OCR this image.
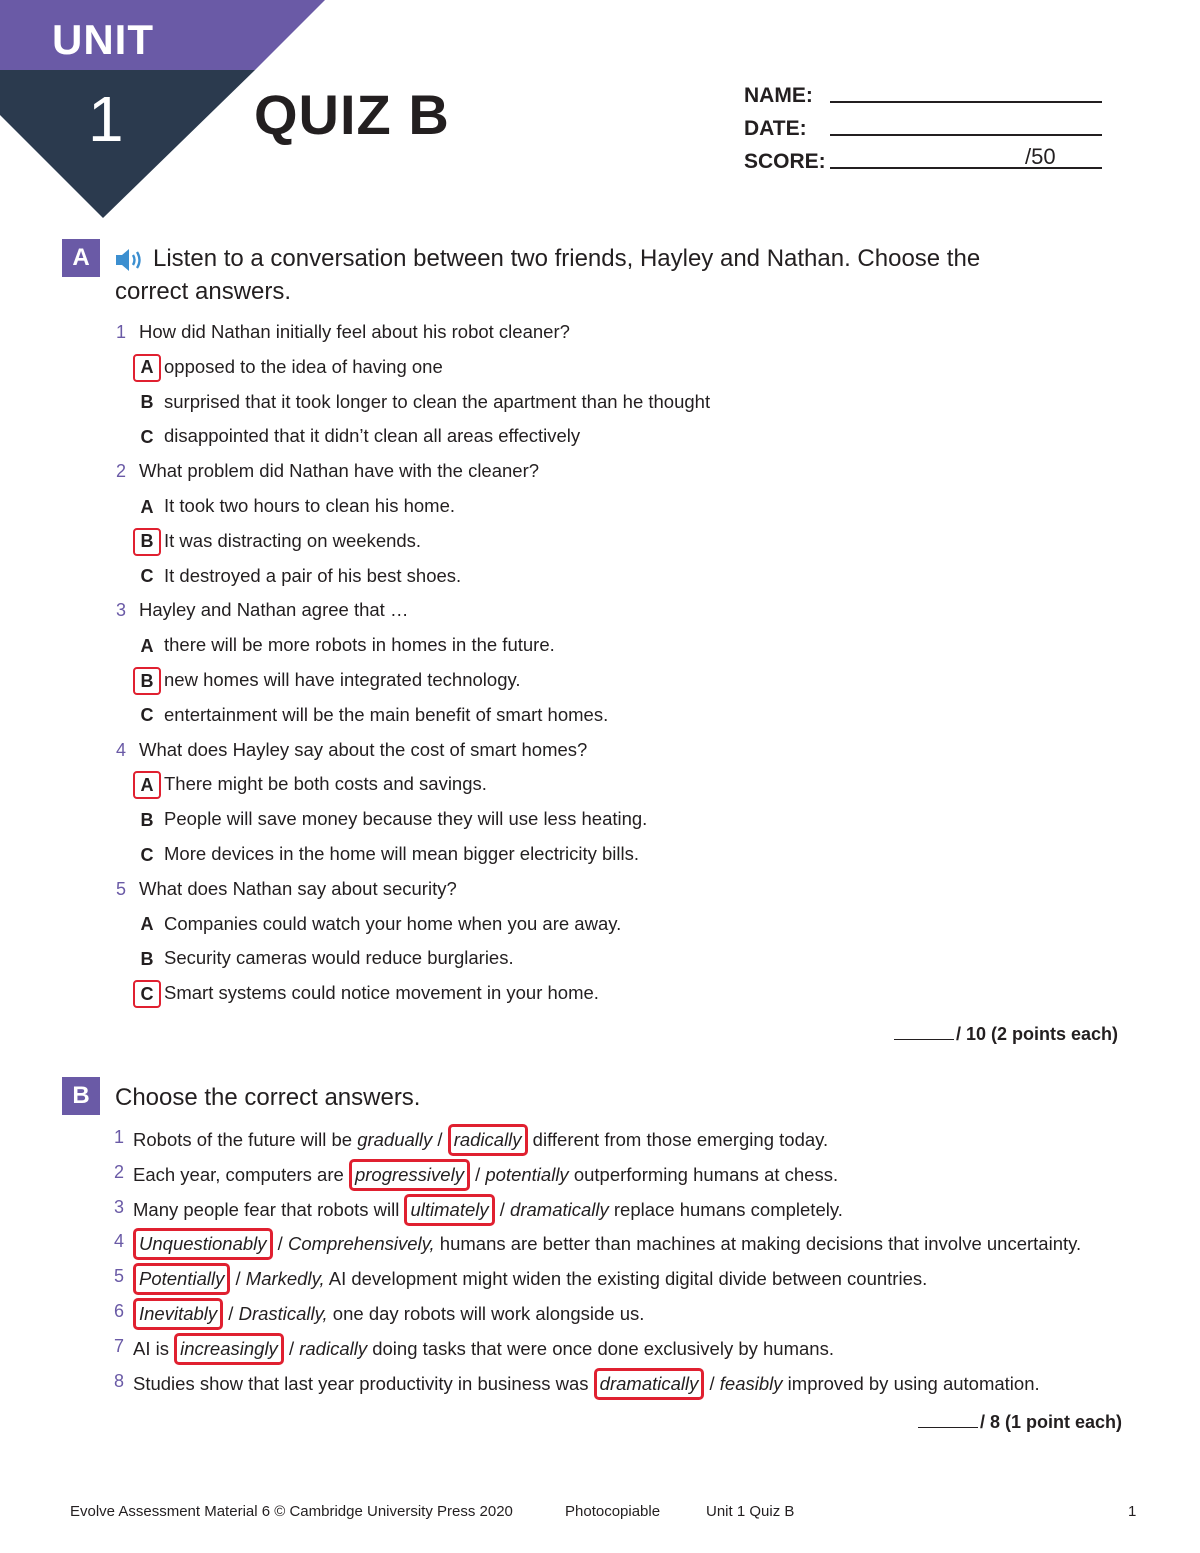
UNIT
1 QUIZ B	NAME:
DATE:
SCORE:	/50
A	Listen to a conversation between two friends, Hayley and Nathan. Choose the
correct answers.
1 How did Nathan initially feel about his robot cleaner?
A opposed to the idea of having one
B surprised that it took longer to clean the apartment than he thought
C disappointed that it didn’t clean all areas effectively
2 What problem did Nathan have with the cleaner?
A It took two hours to clean his home.
B It was distracting on weekends.
C It destroyed a pair of his best shoes.
3 Hayley and Nathan agree that …
A there will be more robots in homes in the future.
B new homes will have integrated technology.
C entertainment will be the main benefit of smart homes.
4 What does Hayley say about the cost of smart homes?
A There might be both costs and savings.
B People will save money because they will use less heating.
C More devices in the home will mean bigger electricity bills.
5 What does Nathan say about security?
A Companies could watch your home when you are away.
B Security cameras would reduce burglaries.
C Smart systems could notice movement in your home.
/ 10 (2 points each)
B	Choose the correct answers.
1 Robots of the future will be gradually / radically different from those emerging today.
2 Each year, computers are progressively / potentially outperforming humans at chess.
3 Many people fear that robots will ultimately / dramatically replace humans completely.
4 Unquestionably / Comprehensively, humans are better than machines at making decisions that involve uncertainty.
5 Potentially / Markedly, AI development might widen the existing digital divide between countries.
6 Inevitably / Drastically, one day robots will work alongside us.
7 AI is increasingly / radically doing tasks that were once done exclusively by humans.
8 Studies show that last year productivity in business was dramatically / feasibly improved by using automation.
/ 8 (1 point each)
Evolve Assessment Material 6 © Cambridge University Press 2020	Photocopiable	Unit 1 Quiz B	1
